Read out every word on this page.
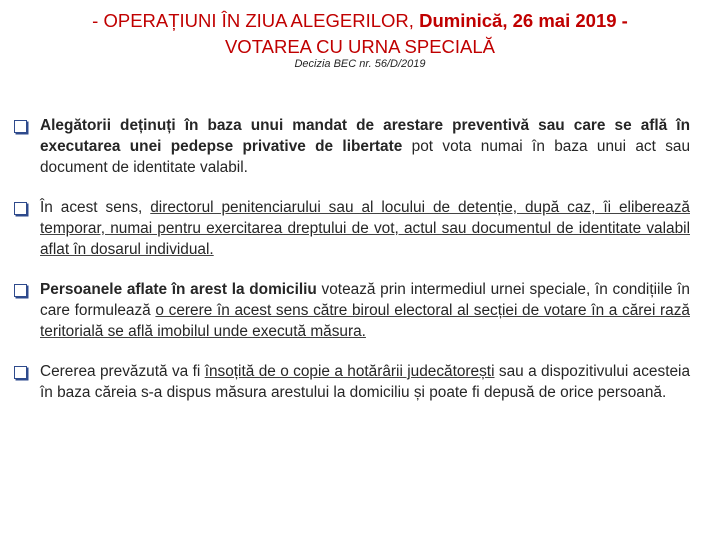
- OPERAȚIUNI ÎN ZIUA ALEGERILOR, Duminică, 26 mai 2019 -
VOTAREA CU URNA SPECIALĂ
Decizia BEC nr. 56/D/2019
Alegătorii deținuți în baza unui mandat de arestare preventivă sau care se află în executarea unei pedepse privative de libertate pot vota numai în baza unui act sau document de identitate valabil.
În acest sens, directorul penitenciarului sau al locului de detenție, după caz, îi eliberează temporar, numai pentru exercitarea dreptului de vot, actul sau documentul de identitate valabil aflat în dosarul individual.
Persoanele aflate în arest la domiciliu votează prin intermediul urnei speciale, în condițiile în care formulează o cerere în acest sens către biroul electoral al secției de votare în a cărei rază teritorială se află imobilul unde execută măsura.
Cererea prevăzută va fi însoțită de o copie a hotărârii judecătorești sau a dispozitivului acesteia în baza căreia s-a dispus măsura arestului la domiciliu și poate fi depusă de orice persoană.
